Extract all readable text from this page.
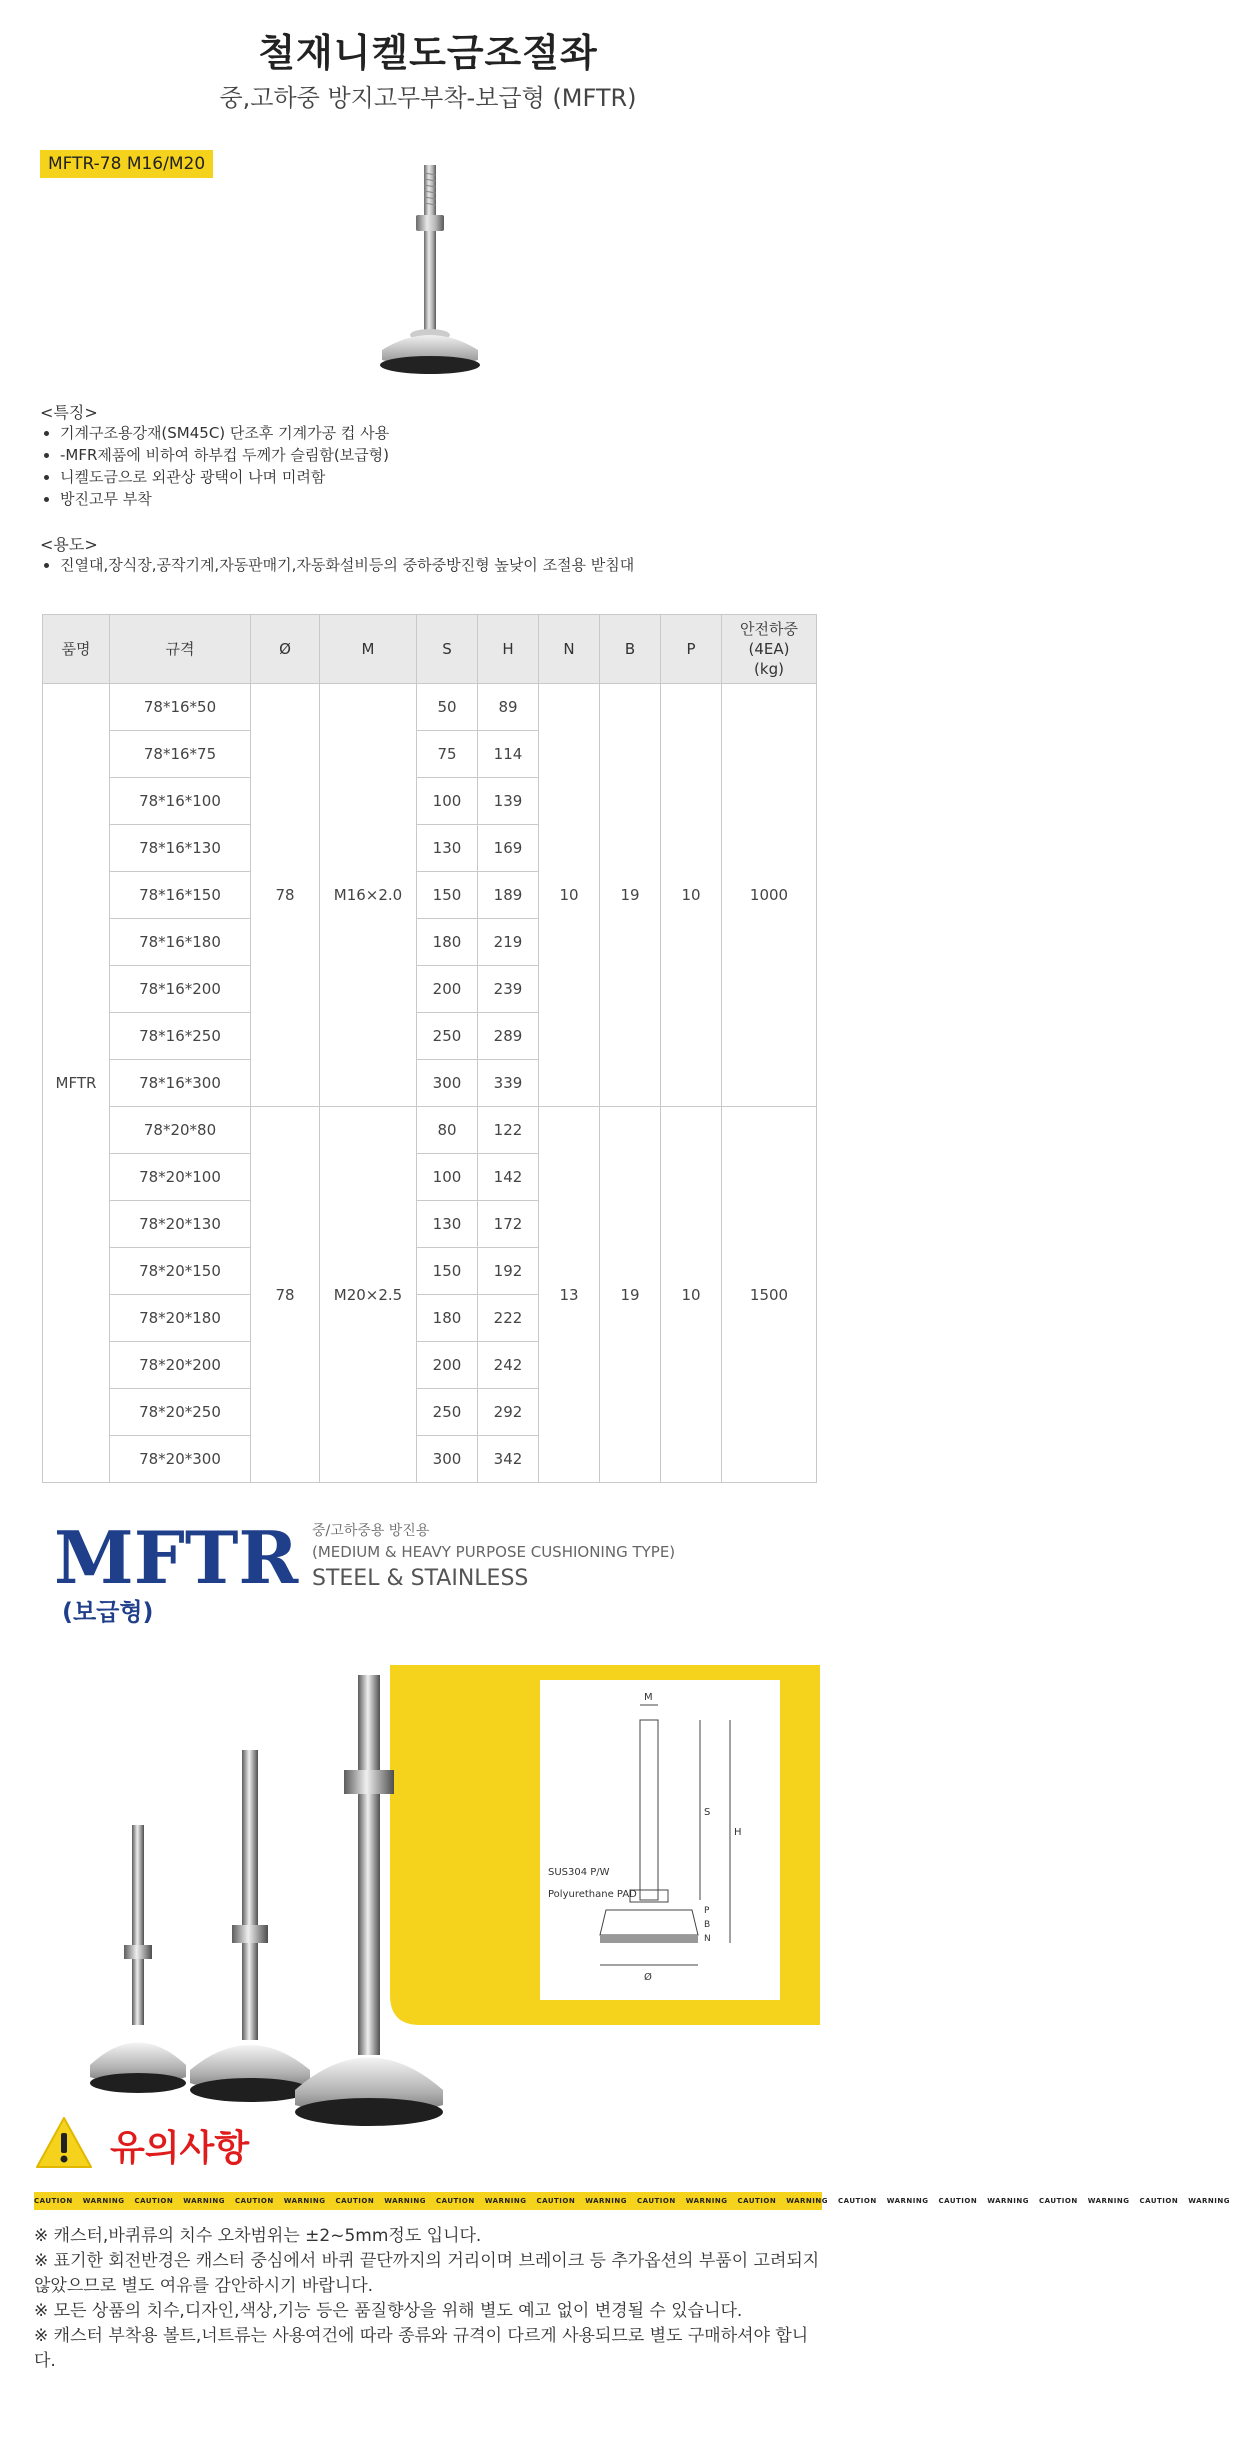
철재니켈도금조절좌
중,고하중 방지고무부착-보급형 (MFTR)
MFTR-78 M16/M20
<특징>
• 기계구조용강재(SM45C) 단조후 기계가공 컵 사용
• -MFR제품에 비하여 하부컵 두께가 슬림함(보급형)
• 니켈도금으로 외관상 광택이 나며 미려함
• 방진고무 부착
<용도>
• 진열대,장식장,공작기계,자동판매기,자동화설비등의 중하중방진형 높낮이 조절용 받침대
품명	규격	Ø	M	S	H	N	B	P	안전하중
(4EA)
(kg)
MFTR	78*16*50	78	M16×2.0	50	89	10	19	10	1000
	78*16*75			75	114				
	78*16*100			100	139				
	78*16*130			130	169				
	78*16*150			150	189				
	78*16*180			180	219				
	78*16*200			200	239				
	78*16*250			250	289				
	78*16*300			300	339				
	78*20*80	78	M20×2.5	80	122	13	19	10	1500
	78*20*100			100	142				
	78*20*130			130	172				
	78*20*150			150	192				
	78*20*180			180	222				
	78*20*200			200	242				
	78*20*250			250	292				
	78*20*300			300	342				
MFTR
(보급형)
중/고하중용 방진용
(MEDIUM & HEAVY PURPOSE CUSHIONING TYPE)
STEEL & STAINLESS
M
S
H
P
B
N
Ø
SUS304 P/W
Polyurethane PAD
유의사항
CAUTION WARNING CAUTION WARNING CAUTION WARNING CAUTION WARNING CAUTION WARNING CAUTION WARNING CAUTION WARNING CAUTION WARNING CAUTION WARNING CAUTION WARNING CAUTION WARNING CAUTION WARNING

※ 캐스터,바퀴류의 치수 오차범위는 ±2~5mm정도 입니다.

※ 표기한 회전반경은 캐스터 중심에서 바퀴 끝단까지의 거리이며 브레이크 등 추가옵션의 부품이 고려되지 않았으므로 별도 여유를 감안하시기 바랍니다.

※ 모든 상품의 치수,디자인,색상,기능 등은 품질향상을 위해 별도 예고 없이 변경될 수 있습니다.

※ 캐스터 부착용 볼트,너트류는 사용여건에 따라 종류와 규격이 다르게 사용되므로 별도 구매하셔야 합니다.
